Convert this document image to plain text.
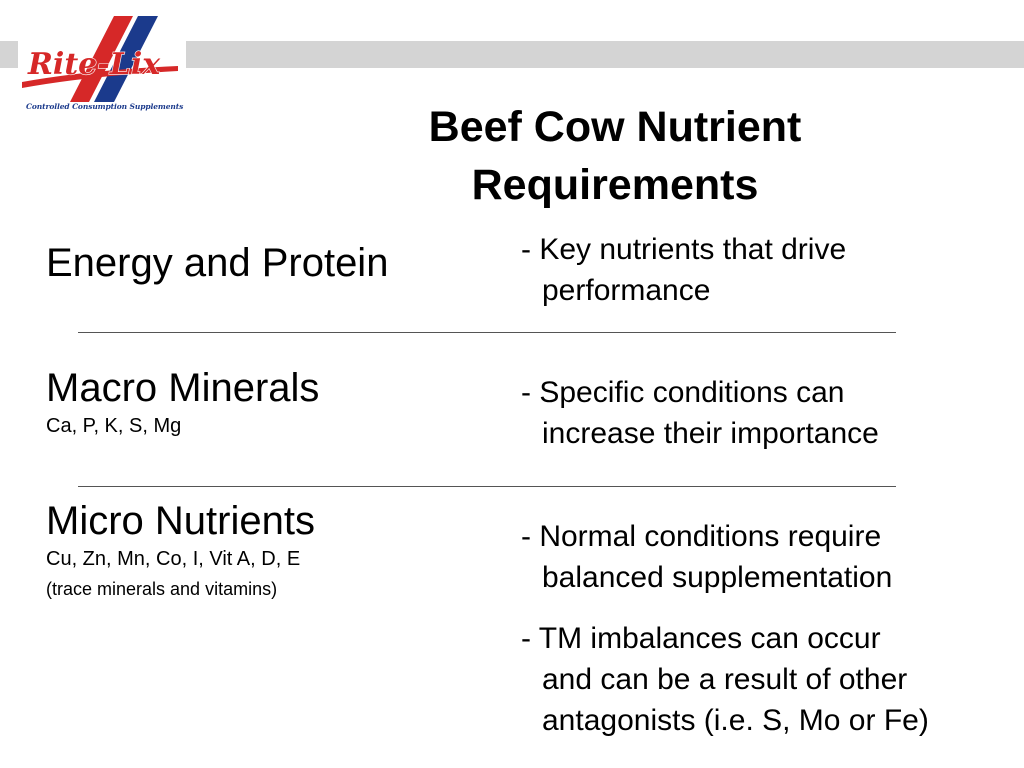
Rite-Lix
Controlled Consumption Supplements	Beef Cow Nutrient
Requirements
Energy and Protein	- Key nutrients that drive
performance
Macro Minerals
Ca, P, K, S, Mg
- Specific conditions can
increase their importance
Micro Nutrients
Cu, Zn, Mn, Co, I, Vit A, D, E
(trace minerals and vitamins)
- Normal conditions require
balanced supplementation
- TM imbalances can occur
and can be a result of other
antagonists (i.e. S, Mo or Fe)
